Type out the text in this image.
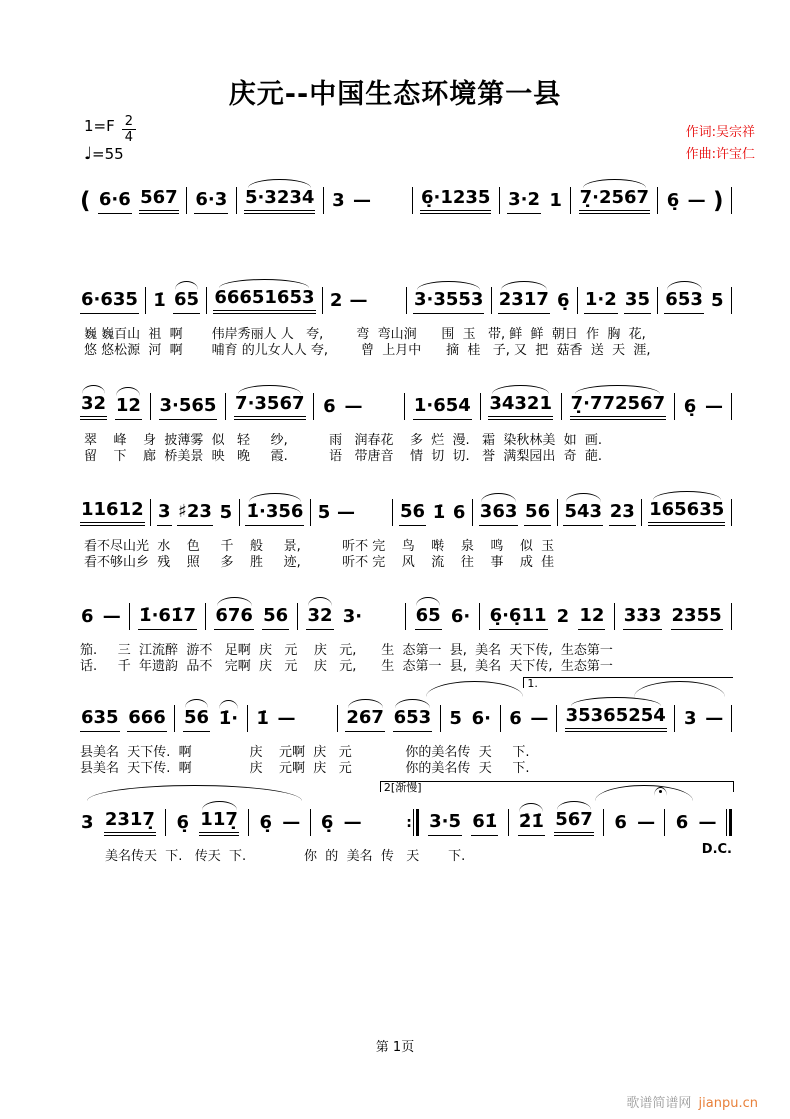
庆元--中国生态环境第一县
$1=F \frac{2}{4}$
♩=55
作词:吴宗祥
作曲:许宝仁
( 6·6 567 6·3 5·3234 3 —	6̣·1235 3·2 1 7̣·2567 6̣ — )
6·635 1̇ 65 66651653 2 —	3·3553 2317 6̣ 1·2 35 653 5
巍 巍百山  祖  啊       伟岸秀丽人 人   夸,        弯  弯山涧      围  玉   带, 鲜  鲜  朝日  作  胸  花,
悠 悠松源  河  啊       哺育 的儿女人人 夸,        曾  上月中      摘  桂   子, 又  把  菇香  送  天  涯,
32 12 3·565 7·3567 6 —	1·654 34321 7̣·772567 6̣ —
翠    峰    身  披薄雾  似   轻     纱,          雨   润春花    多  烂  漫.   霜  染秋林美  如  画.
留    下    廊  桥美景  映   晚     霞.          语   带唐音    情  切  切.   誉  满梨园出  奇  葩.
11612 3 ♯23 5 1̇·356 5 —	56 1̇ 6 363 56 543 23 165635
看不尽山光  水    色     千    般     景,          听不 完    鸟    啭    泉    鸣    似  玉
看不够山乡  残    照     多    胜     迹,          听不 完    风    流    往    事    成  佳
6 — 1̇·61̇7 676 56 32 3·	65 6· 6̣·6̣11 2 12 333 2355
笳.     三  江流醉  游不   足啊  庆   元    庆   元,      生  态第一  县,  美名  天下传,  生态第一
话.     千  年遗韵  品不   完啊  庆   元    庆   元,      生  态第一  县,  美名  天下传,  生态第一
1.
635 666 56 1̇· 1̇ —	267 653 5 6· 6 — 35365254 3 —
县美名  天下传.  啊              庆    元啊  庆   元             你的美名传  天     下.
县美名  天下传.  啊              庆    元啊  庆   元             你的美名传  天     下.
2[渐慢]
3 2317̣ 6̣ 117̣ 6̣ — 6̣ —	: 3·5 61̇ 2̇1̇ 567 6 — 6 —
D.C.
美名传天  下.   传天  下.              你  的  美名  传   天       下.
第 1页
歌谱简谱网 jianpu.cn
